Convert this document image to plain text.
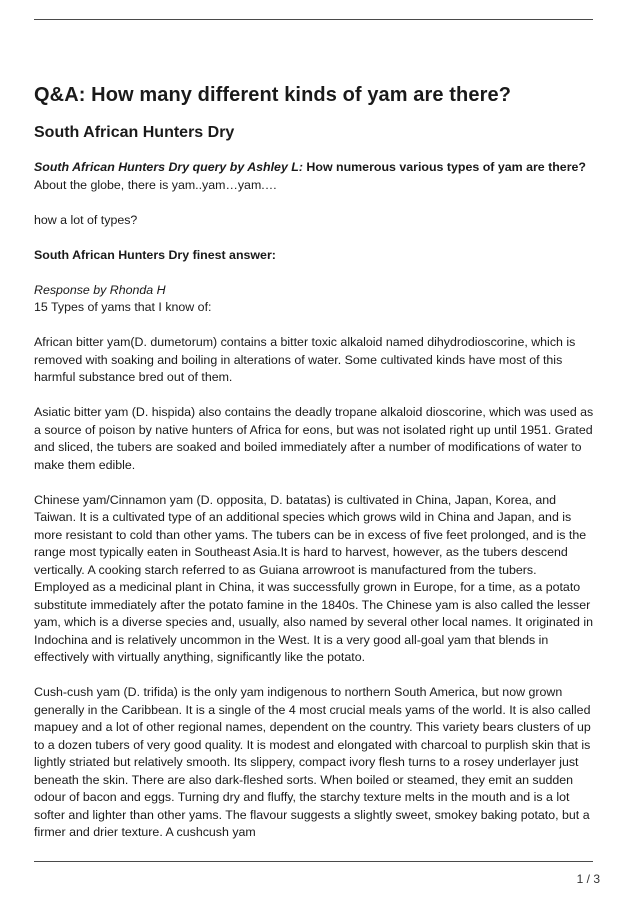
Q&A: How many different kinds of yam are there?
South African Hunters Dry

South African Hunters Dry query by Ashley L: How numerous various types of yam are there?
About the globe, there is yam..yam…yam.…

how a lot of types?

South African Hunters Dry finest answer:

Response by Rhonda H
15 Types of yams that I know of:

African bitter yam(D. dumetorum) contains a bitter toxic alkaloid named dihydrodioscorine, which is removed with soaking and boiling in alterations of water. Some cultivated kinds have most of this harmful substance bred out of them.

Asiatic bitter yam (D. hispida) also contains the deadly tropane alkaloid dioscorine, which was used as a source of poison by native hunters of Africa for eons, but was not isolated right up until 1951. Grated and sliced, the tubers are soaked and boiled immediately after a number of modifications of water to make them edible.

Chinese yam/Cinnamon yam (D. opposita, D. batatas) is cultivated in China, Japan, Korea, and Taiwan. It is a cultivated type of an additional species which grows wild in China and Japan, and is more resistant to cold than other yams. The tubers can be in excess of five feet prolonged, and is the range most typically eaten in Southeast Asia.It is hard to harvest, however, as the tubers descend vertically. A cooking starch referred to as Guiana arrowroot is manufactured from the tubers. Employed as a medicinal plant in China, it was successfully grown in Europe, for a time, as a potato substitute immediately after the potato famine in the 1840s. The Chinese yam is also called the lesser yam, which is a diverse species and, usually, also named by several other local names. It originated in Indochina and is relatively uncommon in the West. It is a very good all-goal yam that blends in effectively with virtually anything, significantly like the potato.

Cush-cush yam (D. trifida) is the only yam indigenous to northern South America, but now grown generally in the Caribbean. It is a single of the 4 most crucial meals yams of the world. It is also called mapuey and a lot of other regional names, dependent on the country. This variety bears clusters of up to a dozen tubers of very good quality. It is modest and elongated with charcoal to purplish skin that is lightly striated but relatively smooth. Its slippery, compact ivory flesh turns to a rosey underlayer just beneath the skin. There are also dark-fleshed sorts. When boiled or steamed, they emit an sudden odour of bacon and eggs. Turning dry and fluffy, the starchy texture melts in the mouth and is a lot softer and lighter than other yams. The flavour suggests a slightly sweet, smokey baking potato, but a firmer and drier texture. A cushcush yam

1 / 3
